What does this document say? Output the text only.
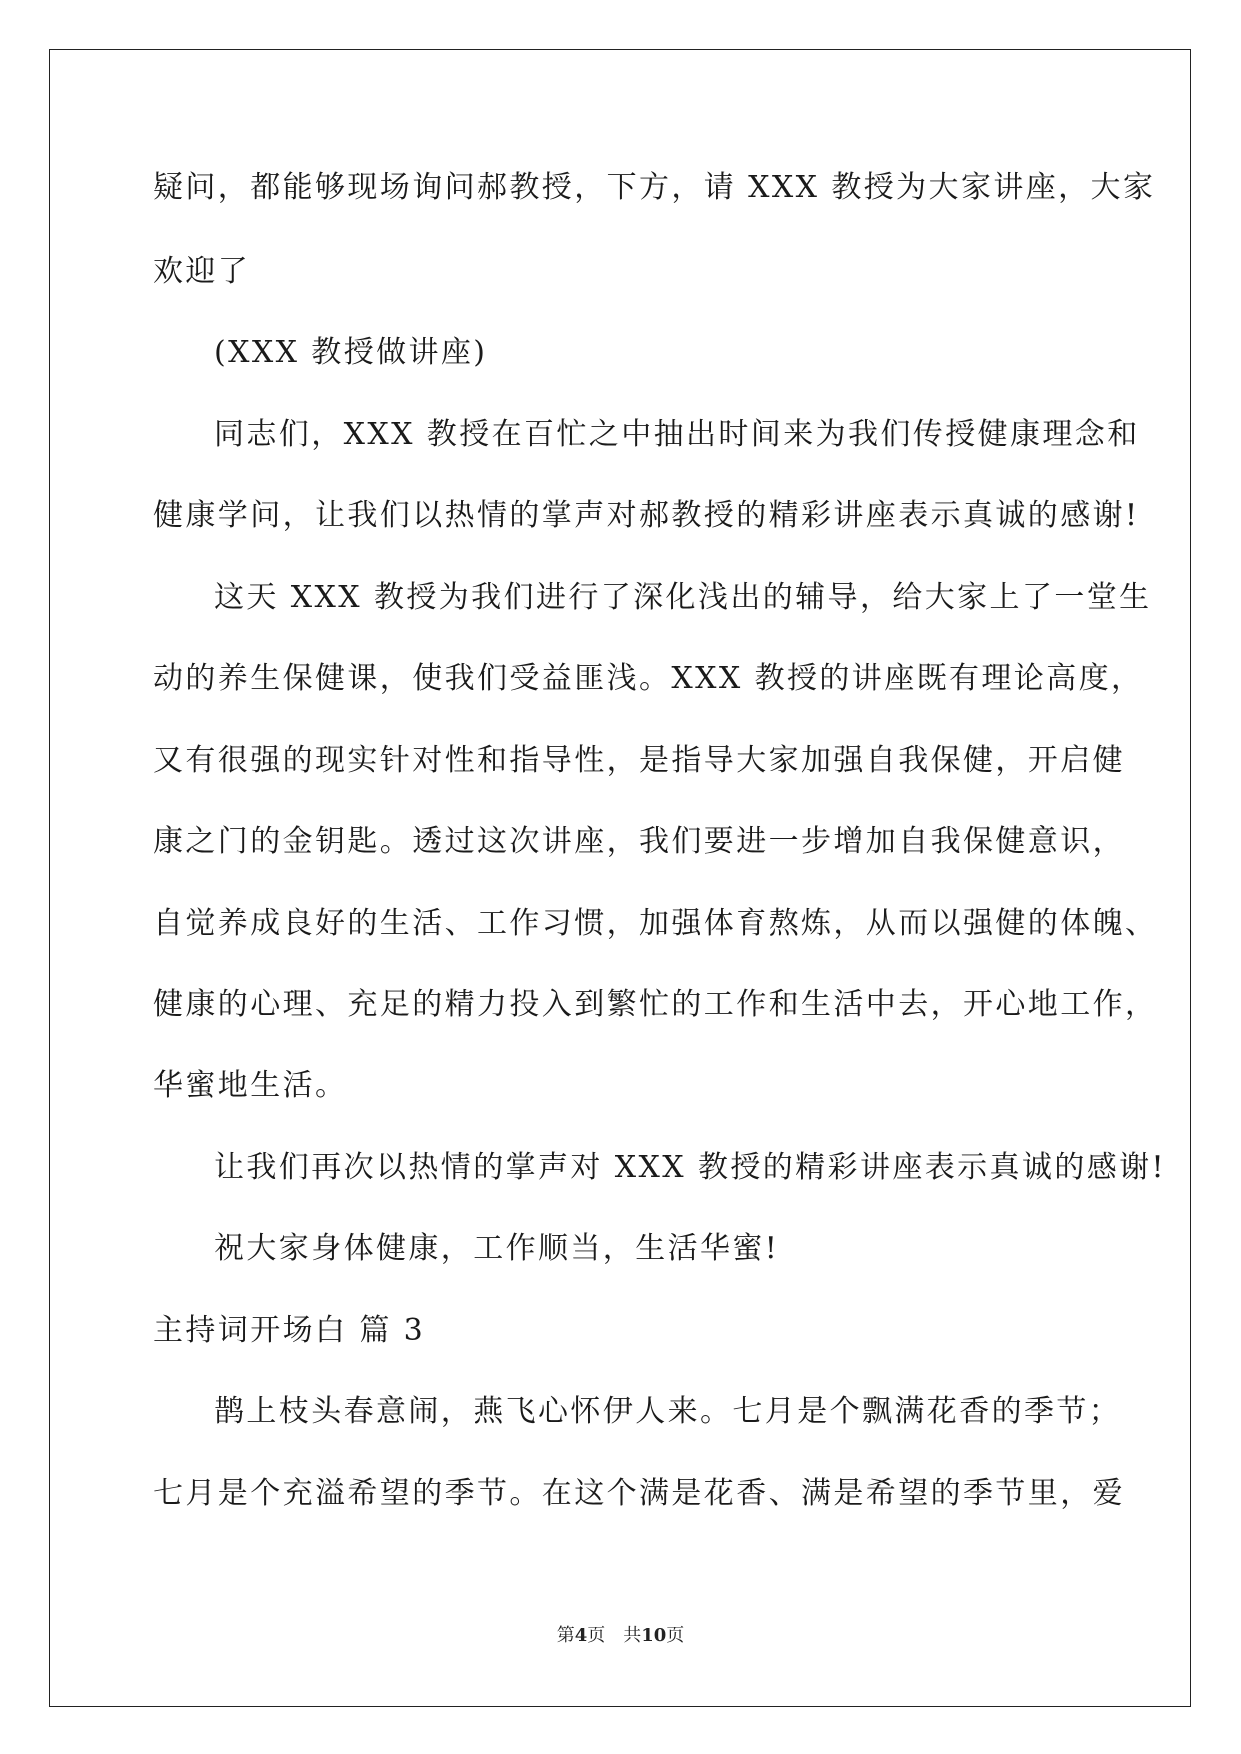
疑问，都能够现场询问郝教授，下方，请 XXX 教授为大家讲座，大家
欢迎了
(XXX 教授做讲座)
同志们，XXX 教授在百忙之中抽出时间来为我们传授健康理念和
健康学问，让我们以热情的掌声对郝教授的精彩讲座表示真诚的感谢!
这天 XXX 教授为我们进行了深化浅出的辅导，给大家上了一堂生
动的养生保健课，使我们受益匪浅。XXX 教授的讲座既有理论高度，
又有很强的现实针对性和指导性，是指导大家加强自我保健，开启健
康之门的金钥匙。透过这次讲座，我们要进一步增加自我保健意识，
自觉养成良好的生活、工作习惯，加强体育熬炼，从而以强健的体魄、
健康的心理、充足的精力投入到繁忙的工作和生活中去，开心地工作，
华蜜地生活。
让我们再次以热情的掌声对 XXX 教授的精彩讲座表示真诚的感谢!
祝大家身体健康，工作顺当，生活华蜜!
主持词开场白 篇 3
鹊上枝头春意闹，燕飞心怀伊人来。七月是个飘满花香的季节；
七月是个充溢希望的季节。在这个满是花香、满是希望的季节里，爱
第4页 共10页
